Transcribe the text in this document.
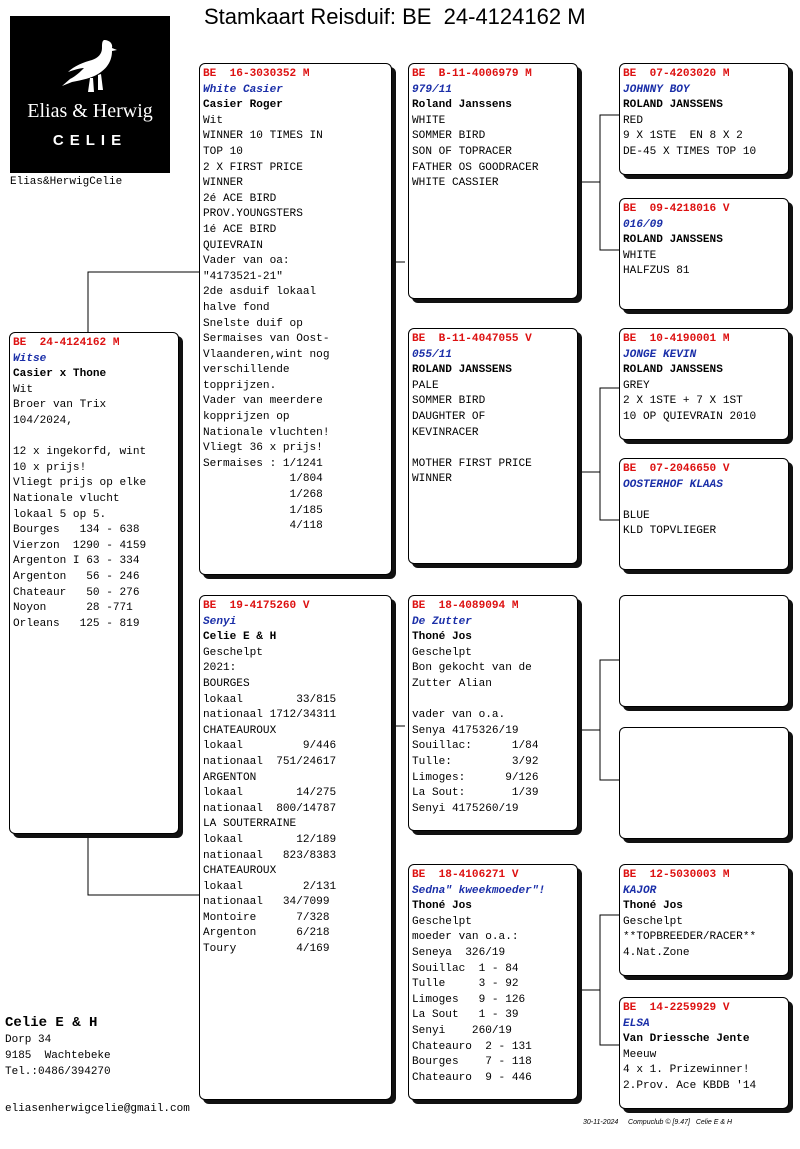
Stamkaart Reisduif: BE  24-4124162 M
Elias & Herwig
CELIE
Elias&HerwigCelie
BE  24-4124162 M
Witse
Casier x Thone
Wit
Broer van Trix
104/2024,

12 x ingekorfd, wint
10 x prijs!
Vliegt prijs op elke
Nationale vlucht
lokaal 5 op 5.
Bourges   134 - 638
Vierzon  1290 - 4159
Argenton I 63 - 334
Argenton   56 - 246
Chateaur   50 - 276
Noyon      28 -771
Orleans   125 - 819
BE  16-3030352 M
White Casier
Casier Roger
Wit
WINNER 10 TIMES IN
TOP 10
2 X FIRST PRICE
WINNER
2é ACE BIRD
PROV.YOUNGSTERS
1é ACE BIRD
QUIEVRAIN
Vader van oa:
"4173521-21"
2de asduif lokaal
halve fond
Snelste duif op
Sermaises van Oost-
Vlaanderen,wint nog
verschillende
topprijzen.
Vader van meerdere
kopprijzen op
Nationale vluchten!
Vliegt 36 x prijs!
Sermaises : 1/1241
1/804
1/268
1/185
4/118
BE  19-4175260 V
Senyi
Celie E & H
Geschelpt
2021:
BOURGES
lokaal        33/815
nationaal 1712/34311
CHATEAUROUX
lokaal         9/446
nationaal  751/24617
ARGENTON
lokaal        14/275
nationaal  800/14787
LA SOUTERRAINE
lokaal        12/189
nationaal   823/8383
CHATEAUROUX
lokaal         2/131
nationaal   34/7099
Montoire      7/328
Argenton      6/218
Toury         4/169
BE  B-11-4006979 M
979/11
Roland Janssens
WHITE
SOMMER BIRD
SON OF TOPRACER
FATHER OS GOODRACER
WHITE CASSIER
BE  B-11-4047055 V
055/11
ROLAND JANSSENS
PALE
SOMMER BIRD
DAUGHTER OF
KEVINRACER

MOTHER FIRST PRICE
WINNER
BE  18-4089094 M
De Zutter
Thoné Jos
Geschelpt
Bon gekocht van de
Zutter Alian

vader van o.a.
Senya 4175326/19
Souillac:      1/84
Tulle:         3/92
Limoges:      9/126
La Sout:       1/39
Senyi 4175260/19
BE  18-4106271 V
Sedna" kweekmoeder"!
Thoné Jos
Geschelpt
moeder van o.a.:
Seneya  326/19
Souillac  1 - 84
Tulle     3 - 92
Limoges   9 - 126
La Sout   1 - 39
Senyi    260/19
Chateauro  2 - 131
Bourges    7 - 118
Chateauro  9 - 446
BE  07-4203020 M
JOHNNY BOY
ROLAND JANSSENS
RED
9 X 1STE  EN 8 X 2
DE-45 X TIMES TOP 10
BE  09-4218016 V
016/09
ROLAND JANSSENS
WHITE
HALFZUS 81
BE  10-4190001 M
JONGE KEVIN
ROLAND JANSSENS
GREY
2 X 1STE + 7 X 1ST
10 OP QUIEVRAIN 2010
BE  07-2046650 V
OOSTERHOF KLAAS

BLUE
KLD TOPVLIEGER
BE  12-5030003 M
KAJOR
Thoné Jos
Geschelpt
**TOPBREEDER/RACER**
4.Nat.Zone
BE  14-2259929 V
ELSA
Van Driessche Jente
Meeuw
4 x 1. Prizewinner!
2.Prov. Ace KBDB '14
Celie E & H
Dorp 34
9185  Wachtebeke
Tel.:0486/394270
eliasenherwigcelie@gmail.com
30-11-2024 Compuclub © [9.47] Celie E & H
